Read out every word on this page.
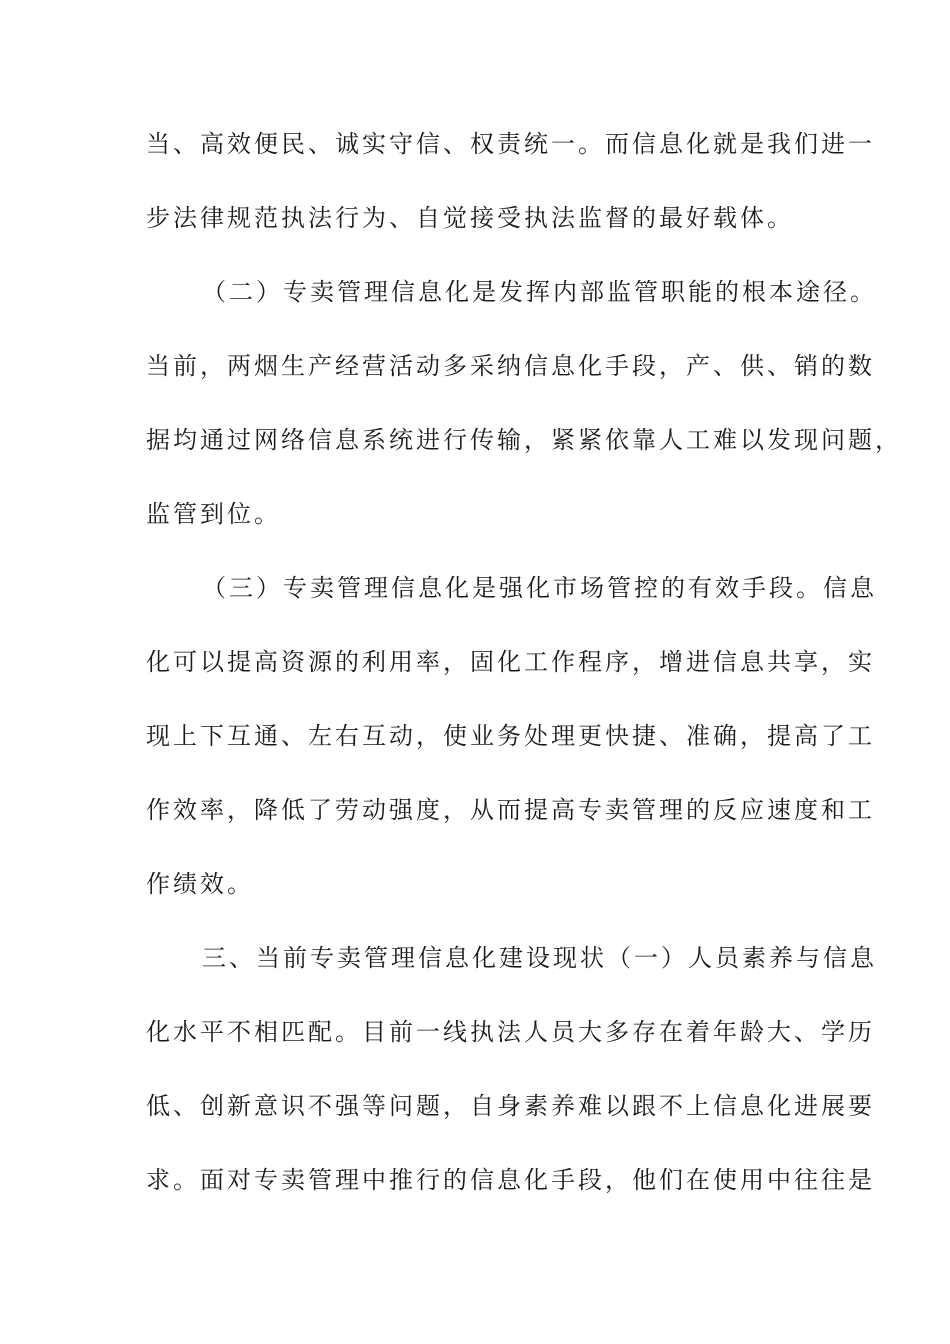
当、高效便民、诚实守信、权责统一。而信息化就是我们进一
步法律规范执法行为、自觉接受执法监督的最好载体。
（二）专卖管理信息化是发挥内部监管职能的根本途径。
当前，两烟生产经营活动多采纳信息化手段，产、供、销的数
据均通过网络信息系统进行传输，紧紧依靠人工难以发现问题，
监管到位。
（三）专卖管理信息化是强化市场管控的有效手段。信息
化可以提高资源的利用率，固化工作程序，增进信息共享，实
现上下互通、左右互动，使业务处理更快捷、准确，提高了工
作效率，降低了劳动强度，从而提高专卖管理的反应速度和工
作绩效。
三、当前专卖管理信息化建设现状（一）人员素养与信息
化水平不相匹配。目前一线执法人员大多存在着年龄大、学历
低、创新意识不强等问题，自身素养难以跟不上信息化进展要
求。面对专卖管理中推行的信息化手段，他们在使用中往往是
